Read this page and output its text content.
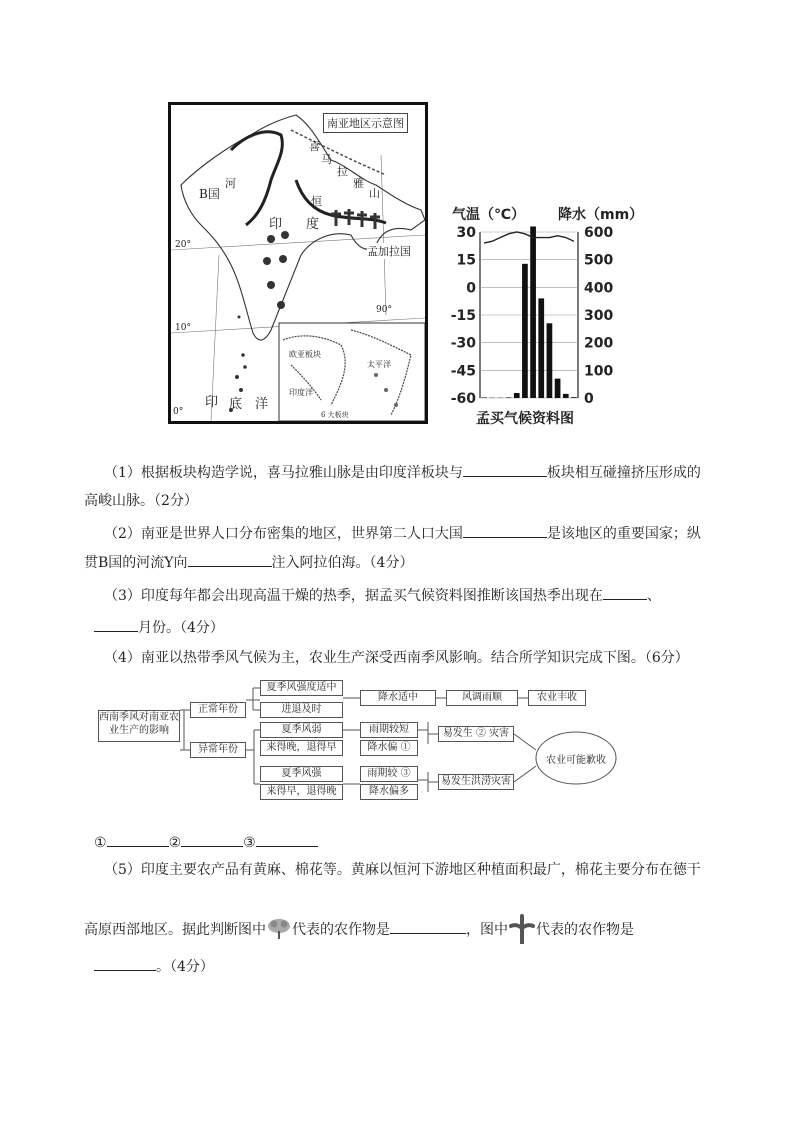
南亚地区示意图
喜
马
拉
雅
山
B国
河
印 度
恒
孟加拉国
20°
10°
0°
90°
印 底 洋
欧亚板块
印度洋
太平洋
6 大板块
气温（℃） 降水（mm）
30
15
0
-15
-30
-45
-60
600
500
400
300
200
100
0
孟买气候资料图
（1）根据板块构造学说，喜马拉雅山脉是由印度洋板块与	板块相互碰撞挤压形成的
高峻山脉。（2分）
（2）南亚是世界人口分布密集的地区，世界第二人口大国	是该地区的重要国家；纵
贯B国的河流Y向	注入阿拉伯海。（4分）
（3）印度每年都会出现高温干燥的热季，据孟买气候资料图推断该国热季出现在	、
月份。（4分）
（4）南亚以热带季风气候为主，农业生产深受西南季风影响。结合所学知识完成下图。（6分）
西南季风对南亚农业生产的影响
正常年份
异常年份
夏季风强度适中
进退及时
降水适中	风调雨顺	农业丰收
夏季风弱
来得晚，退得早
雨期较短
降水偏 ①
易发生 ② 灾害
夏季风强
来得早，退得晚
雨期较 ③
降水偏多
易发生洪涝灾害
农业可能歉收
①	②	③
（5）印度主要农产品有黄麻、棉花等。黄麻以恒河下游地区种植面积最广，棉花主要分布在德干
高原西部地区。据此判断图中 代表的农作物是	，图中 代表的农作物是
。（4分）
